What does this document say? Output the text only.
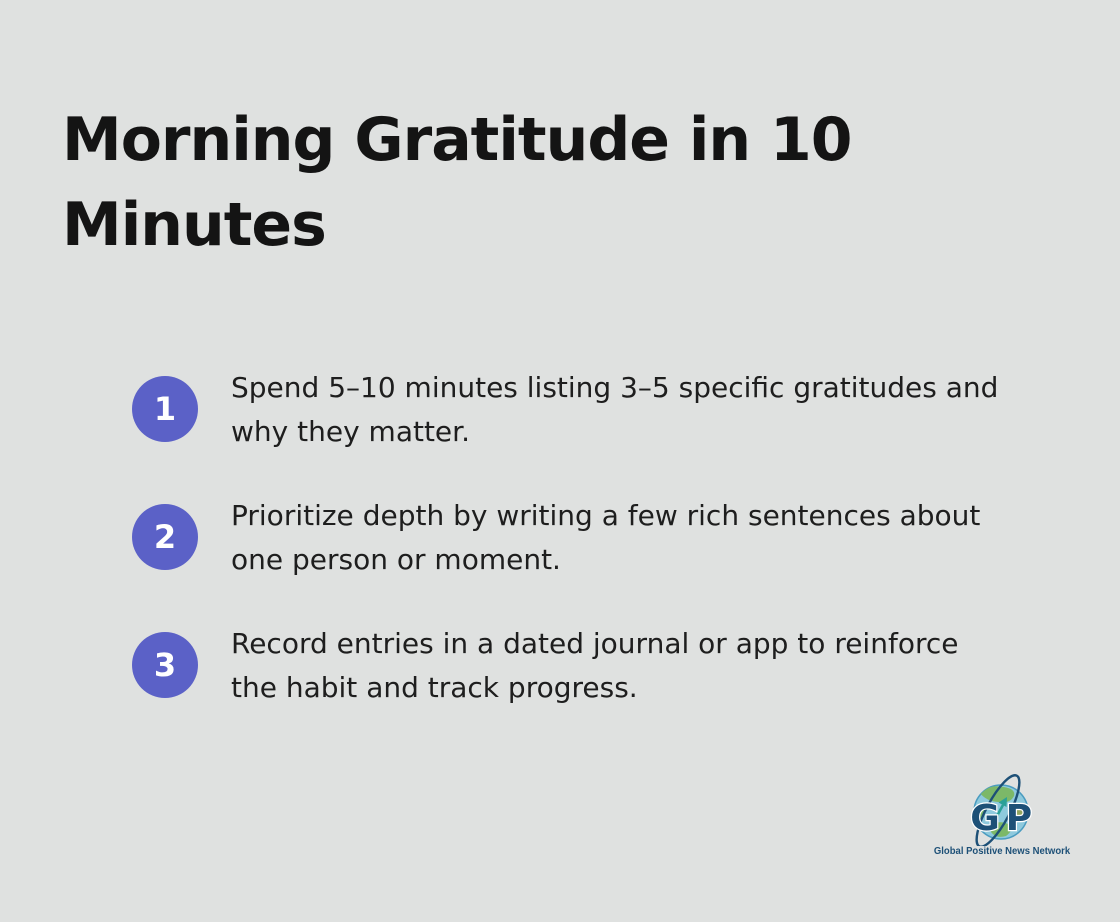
Morning Gratitude in 10
Minutes
1
Spend 5–10 minutes listing 3–5 specific gratitudes and
why they matter.
2
Prioritize depth by writing a few rich sentences about
one person or moment.
3
Record entries in a dated journal or app to reinforce
the habit and track progress.
G P
Global Positive News Network
